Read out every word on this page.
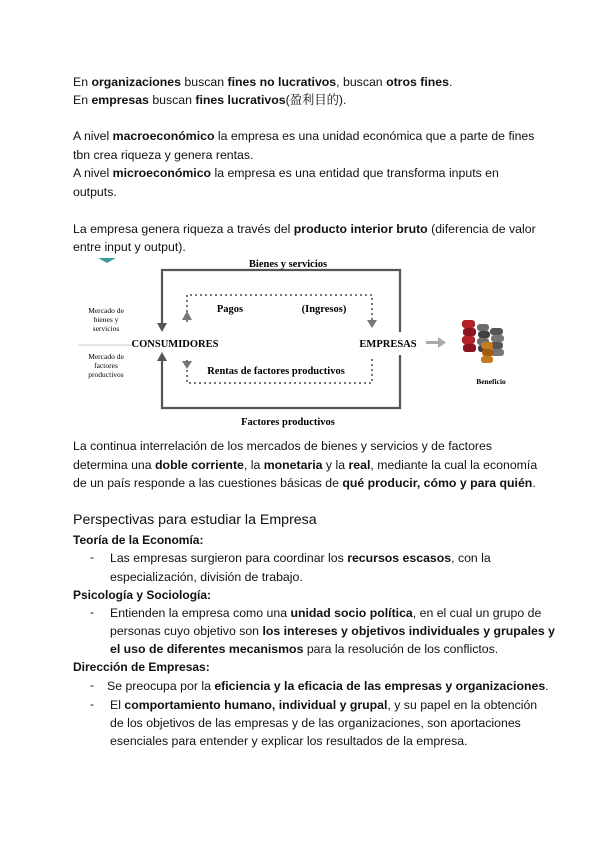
En organizaciones buscan fines no lucrativos, buscan otros fines.
En empresas buscan fines lucrativos(盈利目的).
A nivel macroeconómico la empresa es una unidad económica que a parte de fines
tbn crea riqueza y genera rentas.
A nivel microeconómico la empresa es una entidad que transforma inputs en
outputs.
La empresa genera riqueza a través del producto interior bruto (diferencia de valor
entre input y output).
Bienes y servicios
Pagos	(Ingresos)
CONSUMIDORES	EMPRESAS
Rentas de factores productivos
Factores productivos
Mercado de
bienes y
servicios
Mercado de
factores
productivos
Beneficio
La continua interrelación de los mercados de bienes y servicios y de factores
determina una doble corriente, la monetaria y la real, mediante la cual la economía
de un país responde a las cuestiones básicas de qué producir, cómo y para quién.
Perspectivas para estudiar la Empresa
Teoría de la Economía:
- Las empresas surgieron para coordinar los recursos escasos, con la
especialización, división de trabajo.
Psicología y Sociología:
- Entienden la empresa como una unidad socio política, en el cual un grupo de
personas cuyo objetivo son los intereses y objetivos individuales y grupales y
el uso de diferentes mecanismos para la resolución de los conflictos.
Dirección de Empresas:
- Se preocupa por la eficiencia y la eficacia de las empresas y organizaciones.
- El comportamiento humano, individual y grupal, y su papel en la obtención
de los objetivos de las empresas y de las organizaciones, son aportaciones
esenciales para entender y explicar los resultados de la empresa.
